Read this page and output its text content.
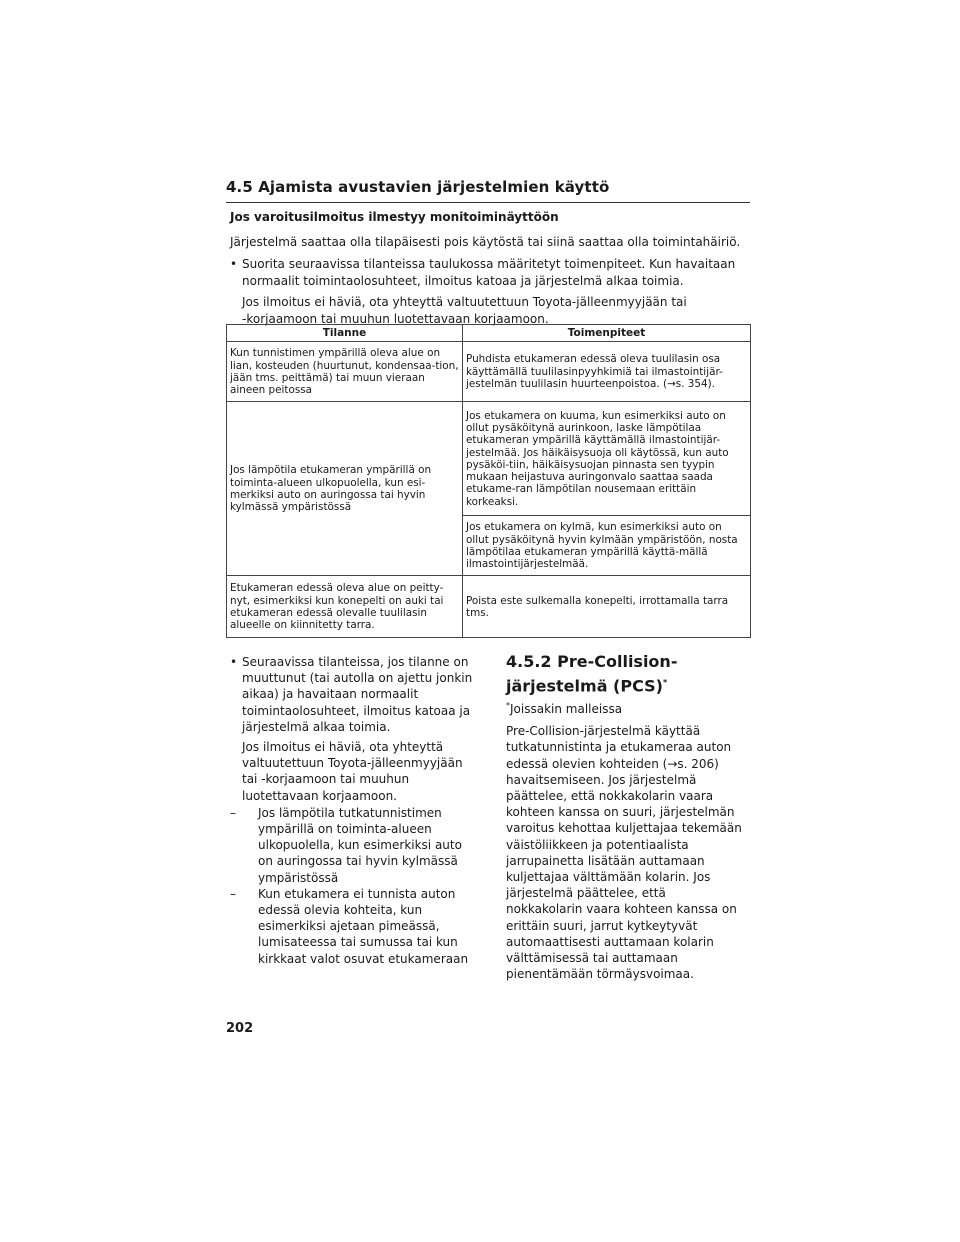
4.5 Ajamista avustavien järjestelmien käyttö

Jos varoitusilmoitus ilmestyy monitoiminäyttöön

Järjestelmä saattaa olla tilapäisesti pois käytöstä tai siinä saattaa olla toimintahäiriö.

• Suorita seuraavissa tilanteissa taulukossa määritetyt toimenpiteet. Kun havaitaan
normaalit toimintaolosuhteet, ilmoitus katoaa ja järjestelmä alkaa toimia.
Jos ilmoitus ei häviä, ota yhteyttä valtuutettuun Toyota-jälleenmyyjään tai
-korjaamoon tai muuhun luotettavaan korjaamoon.
Tilanne	Toimenpiteet
Kun tunnistimen ympärillä oleva alue on lian, kosteuden (huurtunut, kondensaa-tion, jään tms. peittämä) tai muun vieraan aineen peitossa	Puhdista etukameran edessä oleva tuulilasin osa käyttämällä tuulilasinpyyhkimiä tai ilmastointijär-jestelmän tuulilasin huurteenpoistoa. (→s. 354).
Jos lämpötila etukameran ympärillä on toiminta-alueen ulkopuolella, kun esi-merkiksi auto on auringossa tai hyvin kylmässä ympäristössä	Jos etukamera on kuuma, kun esimerkiksi auto on ollut pysäköitynä aurinkoon, laske lämpötilaa etukameran ympärillä käyttämällä ilmastointijär-jestelmää. Jos häikäisysuoja oli käytössä, kun auto pysäköi-tiin, häikäisysuojan pinnasta sen tyypin mukaan heijastuva auringonvalo saattaa saada etukame-ran lämpötilan nousemaan erittäin korkeaksi.
	Jos etukamera on kylmä, kun esimerkiksi auto on ollut pysäköitynä hyvin kylmään ympäristöön, nosta lämpötilaa etukameran ympärillä käyttä-mällä ilmastointijärjestelmää.
Etukameran edessä oleva alue on peitty-nyt, esimerkiksi kun konepelti on auki tai etukameran edessä olevalle tuulilasin alueelle on kiinnitetty tarra.	Poista este sulkemalla konepelti, irrottamalla tarra tms.
• Seuraavissa tilanteissa, jos tilanne on muuttunut (tai autolla on ajettu jonkin aikaa) ja havaitaan normaalit toimintaolosuhteet, ilmoitus katoaa ja järjestelmä alkaa toimia.
Jos ilmoitus ei häviä, ota yhteyttä valtuutettuun Toyota-jälleenmyyjään tai -korjaamoon tai muuhun luotettavaan korjaamoon.
–	Jos lämpötila tutkatunnistimen ympärillä on toiminta-alueen ulkopuolella, kun esimerkiksi auto on auringossa tai hyvin kylmässä ympäristössä
–	Kun etukamera ei tunnista auton edessä olevia kohteita, kun esimerkiksi ajetaan pimeässä, lumisateessa tai sumussa tai kun kirkkaat valot osuvat etukameraan
4.5.2 Pre-Collision-järjestelmä (PCS)*
*Joissakin malleissa
Pre-Collision-järjestelmä käyttää tutkatunnistinta ja etukameraa auton edessä olevien kohteiden (→s. 206) havaitsemiseen. Jos järjestelmä päättelee, että nokkakolarin vaara kohteen kanssa on suuri, järjestelmän varoitus kehottaa kuljettajaa tekemään väistöliikkeen ja potentiaalista jarrupainetta lisätään auttamaan kuljettajaa välttämään kolarin. Jos järjestelmä päättelee, että nokkakolarin vaara kohteen kanssa on erittäin suuri, jarrut kytkeytyvät automaattisesti auttamaan kolarin välttämisessä tai auttamaan pienentämään törmäysvoimaa.
202
